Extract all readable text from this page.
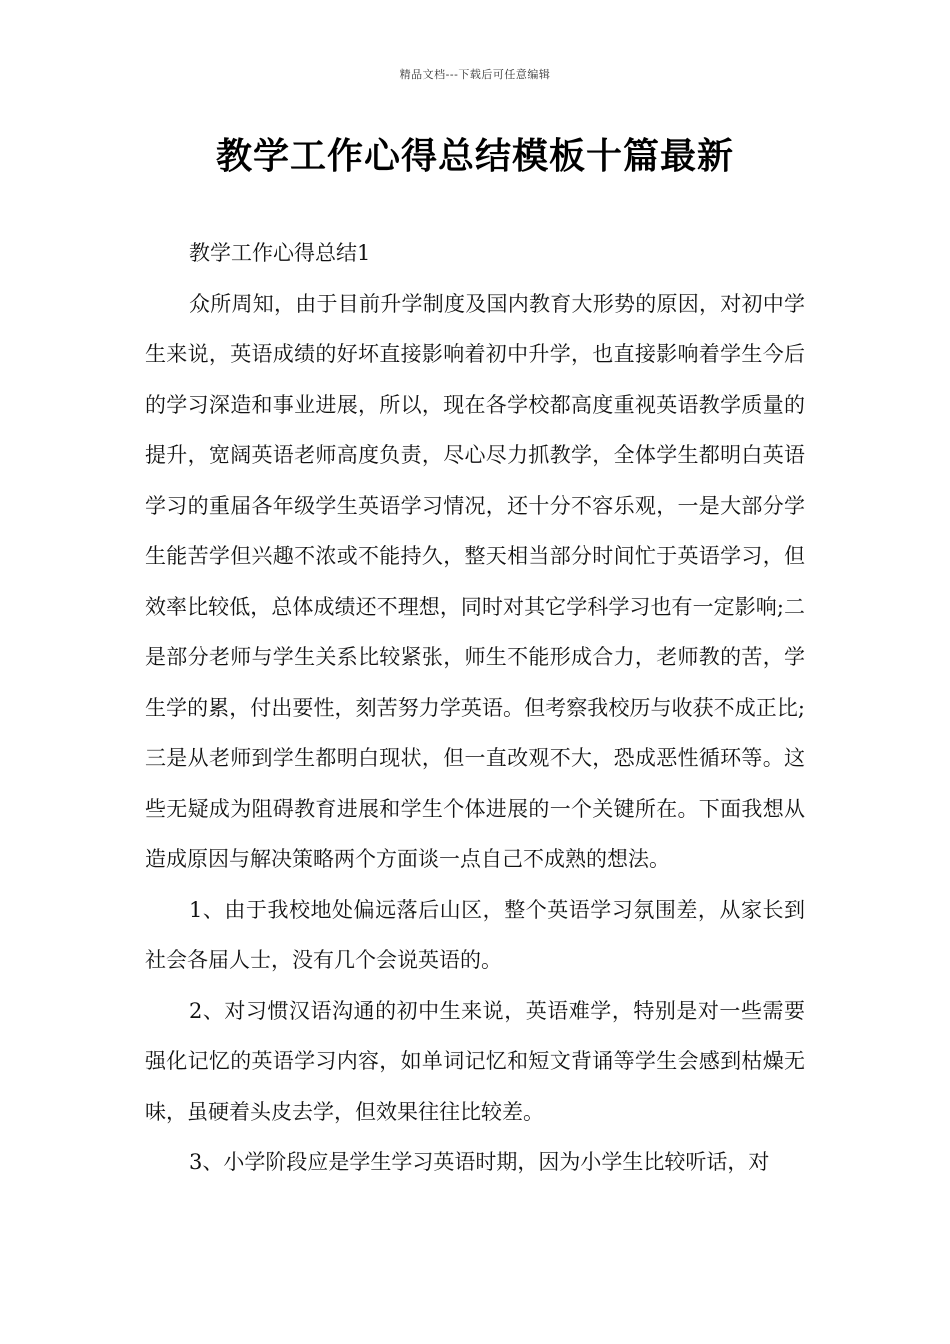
精品文档---下载后可任意编辑
教学工作心得总结模板十篇最新

教学工作心得总结1

众所周知，由于目前升学制度及国内教育大形势的原因，对初中学生来说，英语成绩的好坏直接影响着初中升学，也直接影响着学生今后的学习深造和事业进展，所以，现在各学校都高度重视英语教学质量的提升，宽阔英语老师高度负责，尽心尽力抓教学，全体学生都明白英语学习的重届各年级学生英语学习情况，还十分不容乐观，一是大部分学生能苦学但兴趣不浓或不能持久，整天相当部分时间忙于英语学习，但效率比较低，总体成绩还不理想，同时对其它学科学习也有一定影响;二是部分老师与学生关系比较紧张，师生不能形成合力，老师教的苦，学生学的累，付出要性，刻苦努力学英语。但考察我校历与收获不成正比;三是从老师到学生都明白现状，但一直改观不大，恐成恶性循环等。这些无疑成为阻碍教育进展和学生个体进展的一个关键所在。下面我想从造成原因与解决策略两个方面谈一点自己不成熟的想法。

1、由于我校地处偏远落后山区，整个英语学习氛围差，从家长到社会各届人士，没有几个会说英语的。

2、对习惯汉语沟通的初中生来说，英语难学，特别是对一些需要强化记忆的英语学习内容，如单词记忆和短文背诵等学生会感到枯燥无味，虽硬着头皮去学，但效果往往比较差。

3、小学阶段应是学生学习英语时期，因为小学生比较听话，对
